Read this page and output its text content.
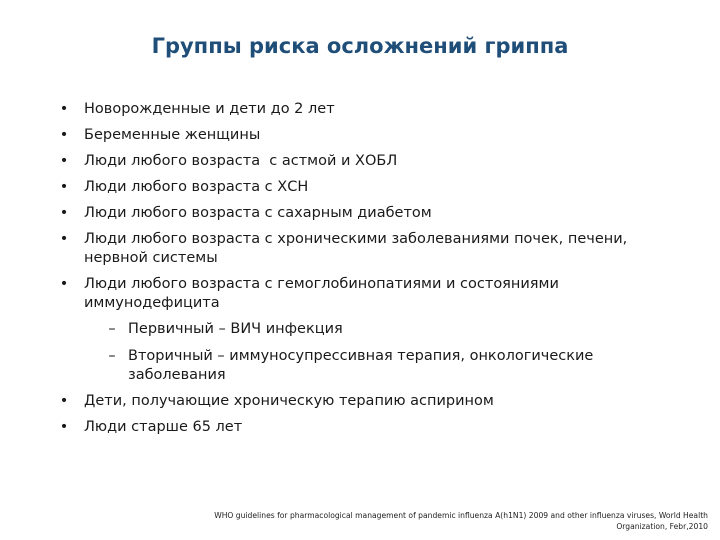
Группы риска осложнений гриппа
• Новорожденные и дети до 2 лет
• Беременные женщины
• Люди любого возраста  с астмой и ХОБЛ
• Люди любого возраста с ХСН
• Люди любого возраста с сахарным диабетом
• Люди любого возраста с хроническими заболеваниями почек, печени, нервной системы
• Люди любого возраста с гемоглобинопатиями и состояниями иммунодефицита
– Первичный – ВИЧ инфекция
– Вторичный – иммуносупрессивная терапия, онкологические заболевания
• Дети, получающие хроническую терапию аспирином
• Люди старше 65 лет
WHO guidelines for pharmacological management of pandemic influenza A(h1N1) 2009 and other influenza viruses, World Health
Organization, Febr,2010
